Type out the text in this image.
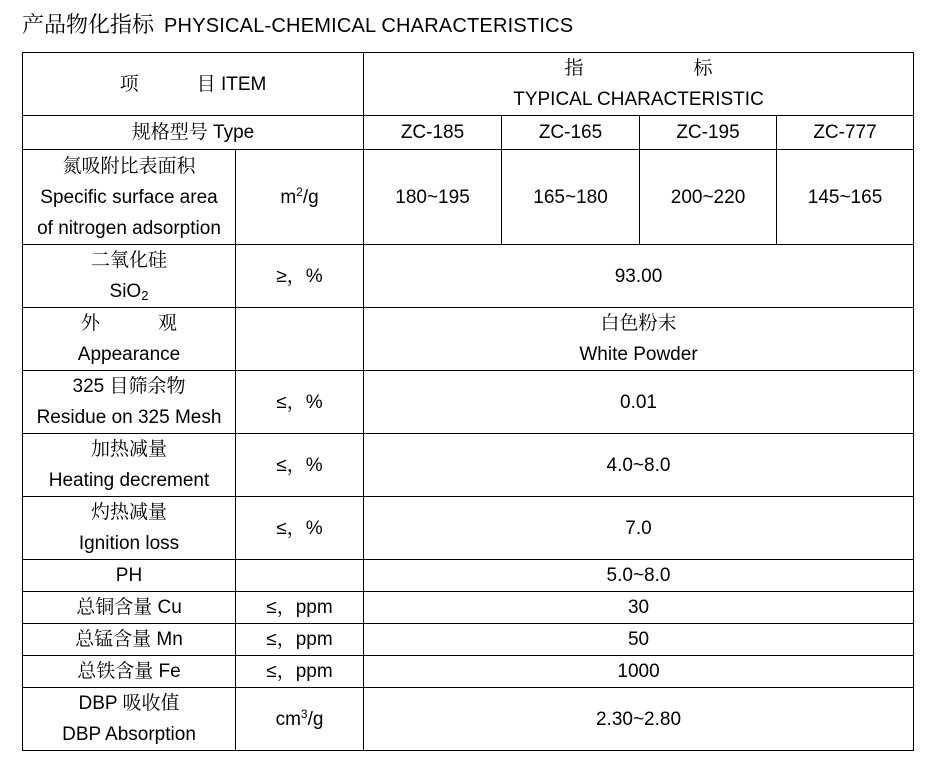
产品物化指标 PHYSICAL-CHEMICAL CHARACTERISTICS
项 目 ITEM		指 标
TYPICAL CHARACTERISTIC			

规格型号 Type		ZC-185	ZC-165	ZC-195	ZC-777

氮吸附比表面积
Specific surface area
of nitrogen adsorption	$m^2/g$	180~195	165~180	200~220	145~165

二氧化硅
SiO$_2$	≥，%	93.00			

外 观
Appearance		白色粉末
White Powder			

325 目筛余物
Residue on 325 Mesh	≤，%	0.01			

加热减量
Heating decrement	≤，%	4.0~8.0			

灼热减量
Ignition loss	≤，%	7.0			
PH		5.0~8.0			
总铜含量 Cu	≤，ppm	30			
总锰含量 Mn	≤，ppm	50			
总铁含量 Fe	≤，ppm	1000			

DBP 吸收值
DBP Absorption	$cm^3/g$	2.30~2.80			
